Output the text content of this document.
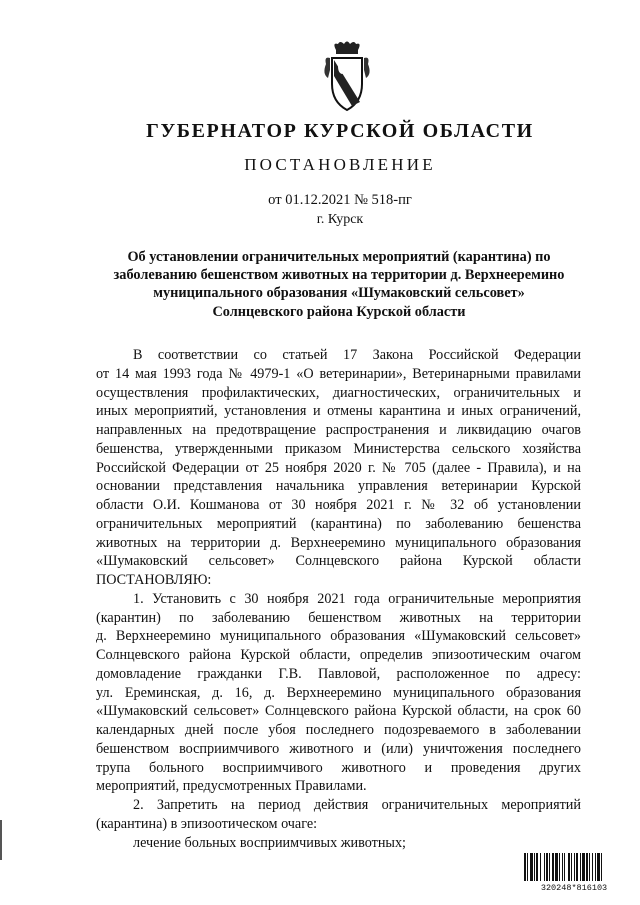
ГУБЕРНАТОР КУРСКОЙ ОБЛАСТИ
ПОСТАНОВЛЕНИЕ
от 01.12.2021 № 518-пг
г. Курск
Об установлении ограничительных мероприятий (карантина) по
заболеванию бешенством животных на территории д. Верхнееремино
муниципального образования «Шумаковский сельсовет»
Солнцевского района Курской области
В соответствии со статьей 17 Закона Российской Федерации
от 14 мая 1993 года № 4979-1 «О ветеринарии», Ветеринарными правилами
осуществления профилактических, диагностических, ограничительных и
иных мероприятий, установления и отмены карантина и иных ограничений,
направленных на предотвращение распространения и ликвидацию очагов
бешенства, утвержденными приказом Министерства сельского хозяйства
Российской Федерации от 25 ноября 2020 г. № 705 (далее - Правила), и на
основании представления начальника управления ветеринарии Курской
области О.И. Кошманова от 30 ноября 2021 г. № 32 об установлении
ограничительных мероприятий (карантина) по заболеванию бешенства
животных на территории д. Верхнееремино муниципального образования
«Шумаковский сельсовет» Солнцевского района Курской области
ПОСТАНОВЛЯЮ:
1. Установить с 30 ноября 2021 года ограничительные мероприятия
(карантин) по заболеванию бешенством животных на территории
д. Верхнееремино муниципального образования «Шумаковский сельсовет»
Солнцевского района Курской области, определив эпизоотическим очагом
домовладение гражданки Г.В. Павловой, расположенное по адресу:
ул. Ереминская, д. 16, д. Верхнееремино муниципального образования
«Шумаковский сельсовет» Солнцевского района Курской области, на срок 60
календарных дней после убоя последнего подозреваемого в заболевании
бешенством восприимчивого животного и (или) уничтожения последнего
трупа больного восприимчивого животного и проведения других
мероприятий, предусмотренных Правилами.
2. Запретить на период действия ограничительных мероприятий
(карантина) в эпизоотическом очаге:
лечение больных восприимчивых животных;
320248*816103
